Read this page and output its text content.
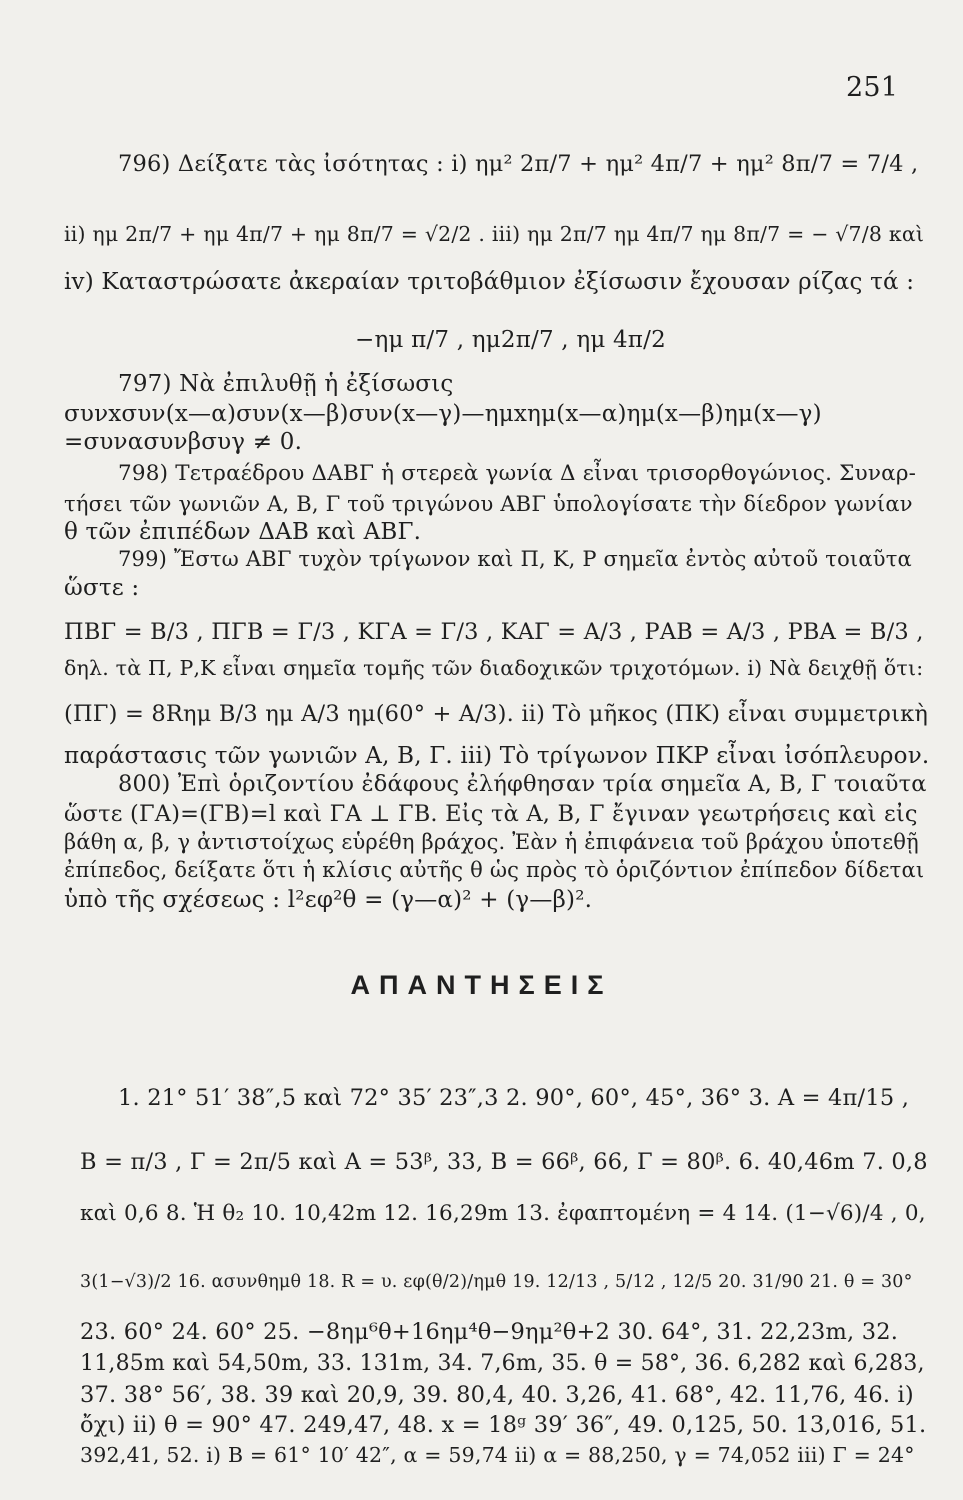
251
796) Δείξατε τὰς ἰσότητας : i) ημ² 2π/7 + ημ² 4π/7 + ημ² 8π/7 = 7/4 ,
ii) ημ 2π/7 + ημ 4π/7 + ημ 8π/7 = √2/2 . iii) ημ 2π/7 ημ 4π/7 ημ 8π/7 = − √7/8 καὶ
iv) Καταστρώσατε ἀκεραίαν τριτοβάθμιον ἐξίσωσιν ἔχουσαν ρίζας τά :
−ημ π/7 , ημ2π/7 , ημ 4π/2
797) Νὰ ἐπιλυθῇ ἡ ἐξίσωσις
συνxσυν(x—α)συν(x—β)συν(x—γ)—ημxημ(x—α)ημ(x—β)ημ(x—γ)
=συνασυνβσυγ ≠ 0.
798) Τετραέδρου ΔΑΒΓ ἡ στερεὰ γωνία Δ εἶναι τρισορθογώνιος. Συναρ-
τήσει τῶν γωνιῶν Α, Β, Γ τοῦ τριγώνου ΑΒΓ ὑπολογίσατε τὴν δίεδρον γωνίαν
θ τῶν ἐπιπέδων ΔΑΒ καὶ ΑΒΓ.
799) Ἔστω ΑΒΓ τυχὸν τρίγωνον καὶ Π, Κ, Ρ σημεῖα ἐντὸς αὐτοῦ τοιαῦτα
ὥστε :
ΠΒΓ = B/3 , ΠΓΒ = Γ/3 , ΚΓΑ = Γ/3 , ΚΑΓ = A/3 , ΡΑΒ = A/3 , ΡΒΑ = B/3 ,
δηλ. τὰ Π, Ρ,Κ εἶναι σημεῖα τομῆς τῶν διαδοχικῶν τριχοτόμων. i) Νὰ δειχθῇ ὅτι:
(ΠΓ) = 8Rημ B/3 ημ A/3 ημ(60° + A/3). ii) Τὸ μῆκος (ΠΚ) εἶναι συμμετρικὴ
παράστασις τῶν γωνιῶν Α, Β, Γ. iii) Τὸ τρίγωνον ΠΚΡ εἶναι ἰσόπλευρον.
800) Ἐπὶ ὁριζοντίου ἐδάφους ἐλήφθησαν τρία σημεῖα Α, Β, Γ τοιαῦτα
ὥστε (ΓΑ)=(ΓΒ)=l καὶ ΓΑ ⊥ ΓΒ. Εἰς τὰ Α, Β, Γ ἔγιναν γεωτρήσεις καὶ εἰς
βάθη α, β, γ ἀντιστοίχως εὑρέθη βράχος. Ἐὰν ἡ ἐπιφάνεια τοῦ βράχου ὑποτεθῇ
ἐπίπεδος, δείξατε ὅτι ἡ κλίσις αὐτῆς θ ὡς πρὸς τὸ ὁριζόντιον ἐπίπεδον δίδεται
ὑπὸ τῆς σχέσεως : l²εφ²θ = (γ—α)² + (γ—β)².
ΑΠΑΝΤΗΣΕΙΣ
1. 21° 51′ 38″,5 καὶ 72° 35′ 23″,3 2. 90°, 60°, 45°, 36° 3. A = 4π/15 ,
B = π/3 , Γ = 2π/5 καὶ A = 53ᵝ, 33, B = 66ᵝ, 66, Γ = 80ᵝ. 6. 40,46m 7. 0,8
καὶ 0,6 8. Ἡ θ₂ 10. 10,42m 12. 16,29m 13. ἐφαπτομένη = 4 14. (1−√6)/4 , 0,
3(1−√3)/2 16. ασυνθημθ 18. R = υ. εφ(θ/2)/ημθ 19. 12/13 , 5/12 , 12/5 20. 31/90 21. θ = 30°
23. 60° 24. 60° 25. −8ημ⁶θ+16ημ⁴θ−9ημ²θ+2 30. 64°, 31. 22,23m, 32.
11,85m καὶ 54,50m, 33. 131m, 34. 7,6m, 35. θ = 58°, 36. 6,282 καὶ 6,283,
37. 38° 56′, 38. 39 καὶ 20,9, 39. 80,4, 40. 3,26, 41. 68°, 42. 11,76, 46. i)
ὄχι) ii) θ = 90° 47. 249,47, 48. x = 18ᵍ 39′ 36″, 49. 0,125, 50. 13,016, 51.
392,41, 52. i) B = 61° 10′ 42″, α = 59,74 ii) α = 88,250, γ = 74,052 iii) Γ = 24°
